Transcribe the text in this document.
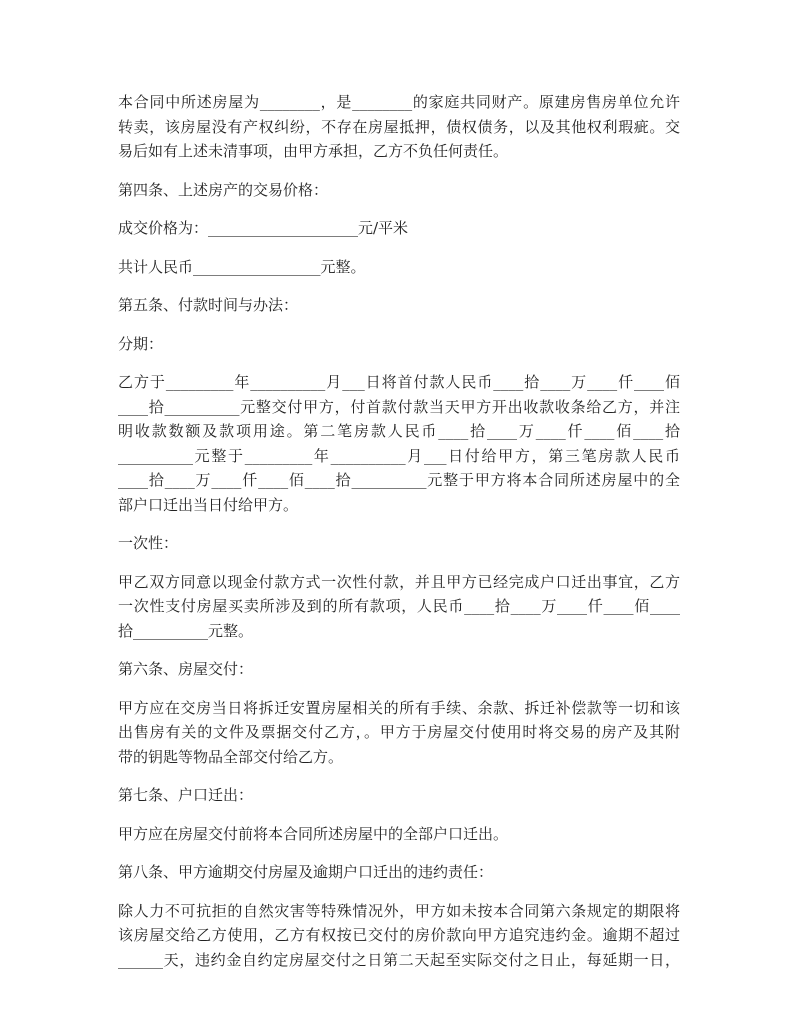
本合同中所述房屋为________，是________的家庭共同财产。原建房售房单位允许
转卖，该房屋没有产权纠纷，不存在房屋抵押，债权债务，以及其他权利瑕疵。交
易后如有上述未清事项，由甲方承担，乙方不负任何责任。

第四条、上述房产的交易价格：

成交价格为：____________________元/平米

共计人民币_________________元整。

第五条、付款时间与办法：

分期：

乙方于_________年__________月___日将首付款人民币____拾____万____仟____佰
____拾__________元整交付甲方，付首款付款当天甲方开出收款收条给乙方，并注
明收款数额及款项用途。第二笔房款人民币____拾____万____仟____佰____拾
__________元整于_________年__________月___日付给甲方，第三笔房款人民币
____拾____万____仟____佰____拾__________元整于甲方将本合同所述房屋中的全
部户口迁出当日付给甲方。

一次性：

甲乙双方同意以现金付款方式一次性付款，并且甲方已经完成户口迁出事宜，乙方
一次性支付房屋买卖所涉及到的所有款项，人民币____拾____万____仟____佰____
拾__________元整。

第六条、房屋交付：

甲方应在交房当日将拆迁安置房屋相关的所有手续、余款、拆迁补偿款等一切和该
出售房有关的文件及票据交付乙方，。甲方于房屋交付使用时将交易的房产及其附
带的钥匙等物品全部交付给乙方。

第七条、户口迁出：

甲方应在房屋交付前将本合同所述房屋中的全部户口迁出。

第八条、甲方逾期交付房屋及逾期户口迁出的违约责任：

除人力不可抗拒的自然灾害等特殊情况外，甲方如未按本合同第六条规定的期限将
该房屋交给乙方使用，乙方有权按已交付的房价款向甲方追究违约金。逾期不超过
______天，违约金自约定房屋交付之日第二天起至实际交付之日止，每延期一日，
